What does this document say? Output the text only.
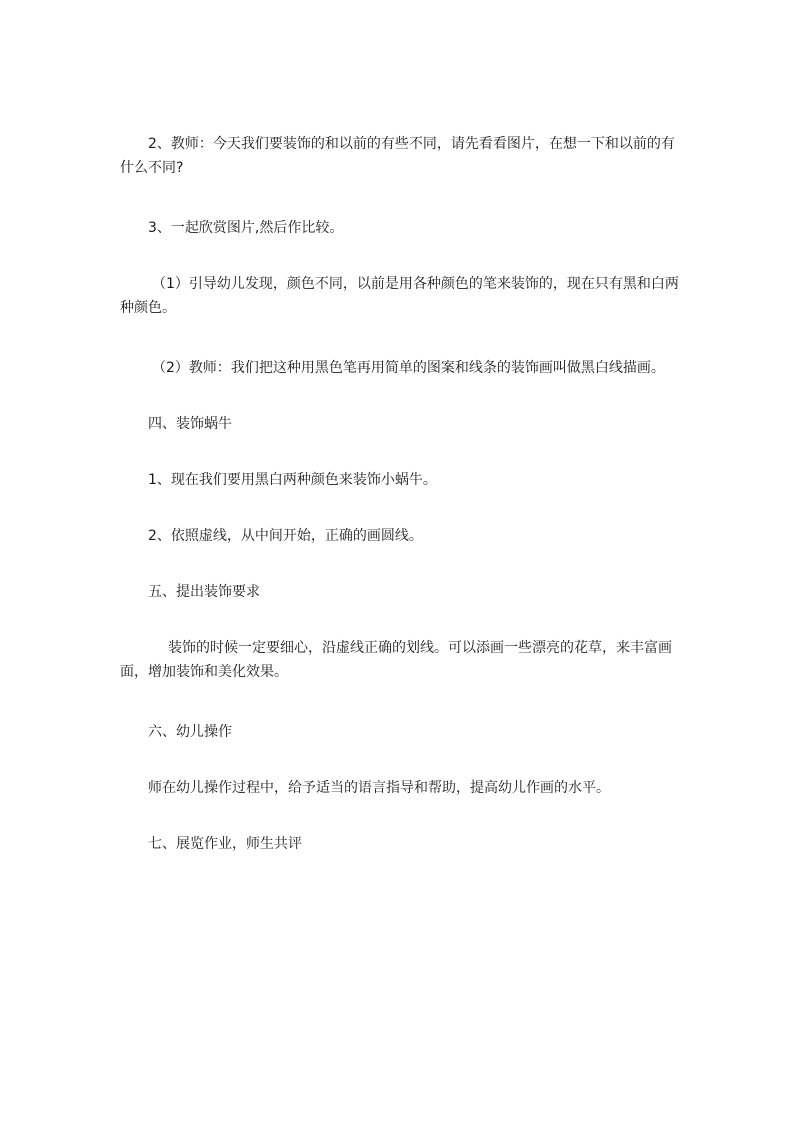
2、教师：今天我们要装饰的和以前的有些不同，请先看看图片，在想一下和以前的有什么不同?

3、一起欣赏图片,然后作比较。

（1）引导幼儿发现，颜色不同，以前是用各种颜色的笔来装饰的，现在只有黑和白两种颜色。

（2）教师：我们把这种用黑色笔再用简单的图案和线条的装饰画叫做黑白线描画。

四、装饰蜗牛

1、现在我们要用黑白两种颜色来装饰小蜗牛。

2、依照虚线，从中间开始，正确的画圆线。

五、提出装饰要求

装饰的时候一定要细心，沿虚线正确的划线。可以添画一些漂亮的花草，来丰富画面，增加装饰和美化效果。

六、幼儿操作

师在幼儿操作过程中，给予适当的语言指导和帮助，提高幼儿作画的水平。

七、展览作业，师生共评
